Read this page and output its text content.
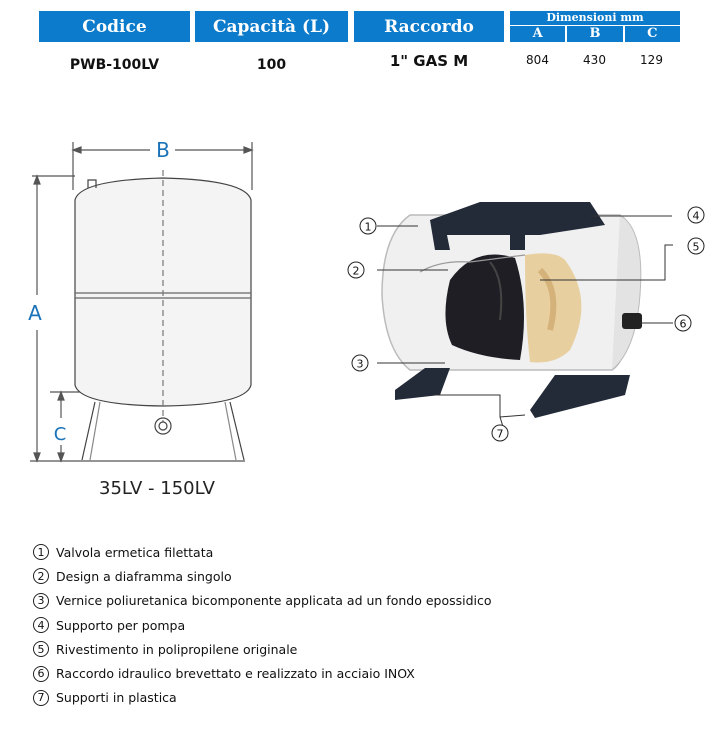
Codice	Capacità (L)	Raccordo	Dimensioni mm
A	B	C
PWB-100LV	100	1" GAS M	804	430	129
B
A
C
35LV - 150LV
1
2
3
4
5
6
7
1 Valvola ermetica filettata
2 Design a diaframma singolo
3 Vernice poliuretanica bicomponente applicata ad un fondo epossidico
4 Supporto per pompa
5 Rivestimento in polipropilene originale
6 Raccordo idraulico brevettato e realizzato in acciaio INOX
7 Supporti in plastica
